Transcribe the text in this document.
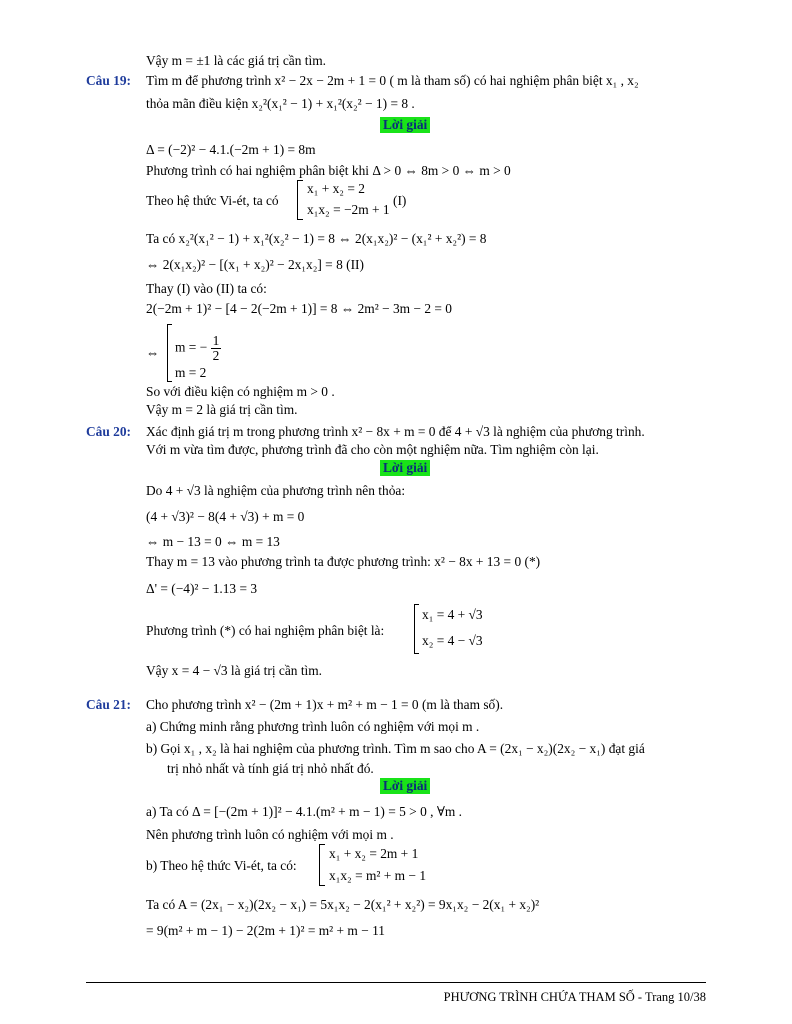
Vậy m = ±1 là các giá trị cần tìm.
Câu 19: Tìm m để phương trình x² − 2x − 2m + 1 = 0 ( m là tham số) có hai nghiệm phân biệt x₁ , x₂
thỏa mãn điều kiện x₂²(x₁² − 1) + x₁²(x₂² − 1) = 8 .
Lời giải
Δ = (−2)² − 4.1.(−2m + 1) = 8m
Phương trình có hai nghiệm phân biệt khi Δ > 0 ⇔ 8m > 0 ⇔ m > 0
Theo hệ thức Vi-ét, ta có
x₁ + x₂ = 2
x₁x₂ = −2m + 1
(I)
Ta có x₂²(x₁² − 1) + x₁²(x₂² − 1) = 8 ⇔ 2(x₁x₂)² − (x₁² + x₂²) = 8
⇔ 2(x₁x₂)² − [(x₁ + x₂)² − 2x₁x₂] = 8 (II)
Thay (I) vào (II) ta có:
2(−2m + 1)² − [4 − 2(−2m + 1)] = 8 ⇔ 2m² − 3m − 2 = 0
⇔ m = − $\frac{1}{2}$
m = 2
So với điều kiện có nghiệm m > 0 .
Vậy m = 2 là giá trị cần tìm.
Câu 20: Xác định giá trị m trong phương trình x² − 8x + m = 0 để 4 + √3 là nghiệm của phương trình.
Với m vừa tìm được, phương trình đã cho còn một nghiệm nữa. Tìm nghiệm còn lại.
Lời giải
Do 4 + √3 là nghiệm của phương trình nên thỏa:
(4 + √3)² − 8(4 + √3) + m = 0
⇔ m − 13 = 0 ⇔ m = 13
Thay m = 13 vào phương trình ta được phương trình: x² − 8x + 13 = 0 (*)
Δ' = (−4)² − 1.13 = 3
Phương trình (*) có hai nghiệm phân biệt là:
x₁ = 4 + √3
x₂ = 4 − √3
Vậy x = 4 − √3 là giá trị cần tìm.
Câu 21: Cho phương trình x² − (2m + 1)x + m² + m − 1 = 0 (m là tham số).
a) Chứng minh rằng phương trình luôn có nghiệm với mọi m .
b) Gọi x₁ , x₂ là hai nghiệm của phương trình. Tìm m sao cho A = (2x₁ − x₂)(2x₂ − x₁) đạt giá
trị nhỏ nhất và tính giá trị nhỏ nhất đó.
Lời giải
a) Ta có Δ = [−(2m + 1)]² − 4.1.(m² + m − 1) = 5 > 0 , ∀m .
Nên phương trình luôn có nghiệm với mọi m .
b) Theo hệ thức Vi-ét, ta có:
x₁ + x₂ = 2m + 1
x₁x₂ = m² + m − 1
Ta có A = (2x₁ − x₂)(2x₂ − x₁) = 5x₁x₂ − 2(x₁² + x₂²) = 9x₁x₂ − 2(x₁ + x₂)²
= 9(m² + m − 1) − 2(2m + 1)² = m² + m − 11
PHƯƠNG TRÌNH CHỨA THAM SỐ - Trang 10/38
